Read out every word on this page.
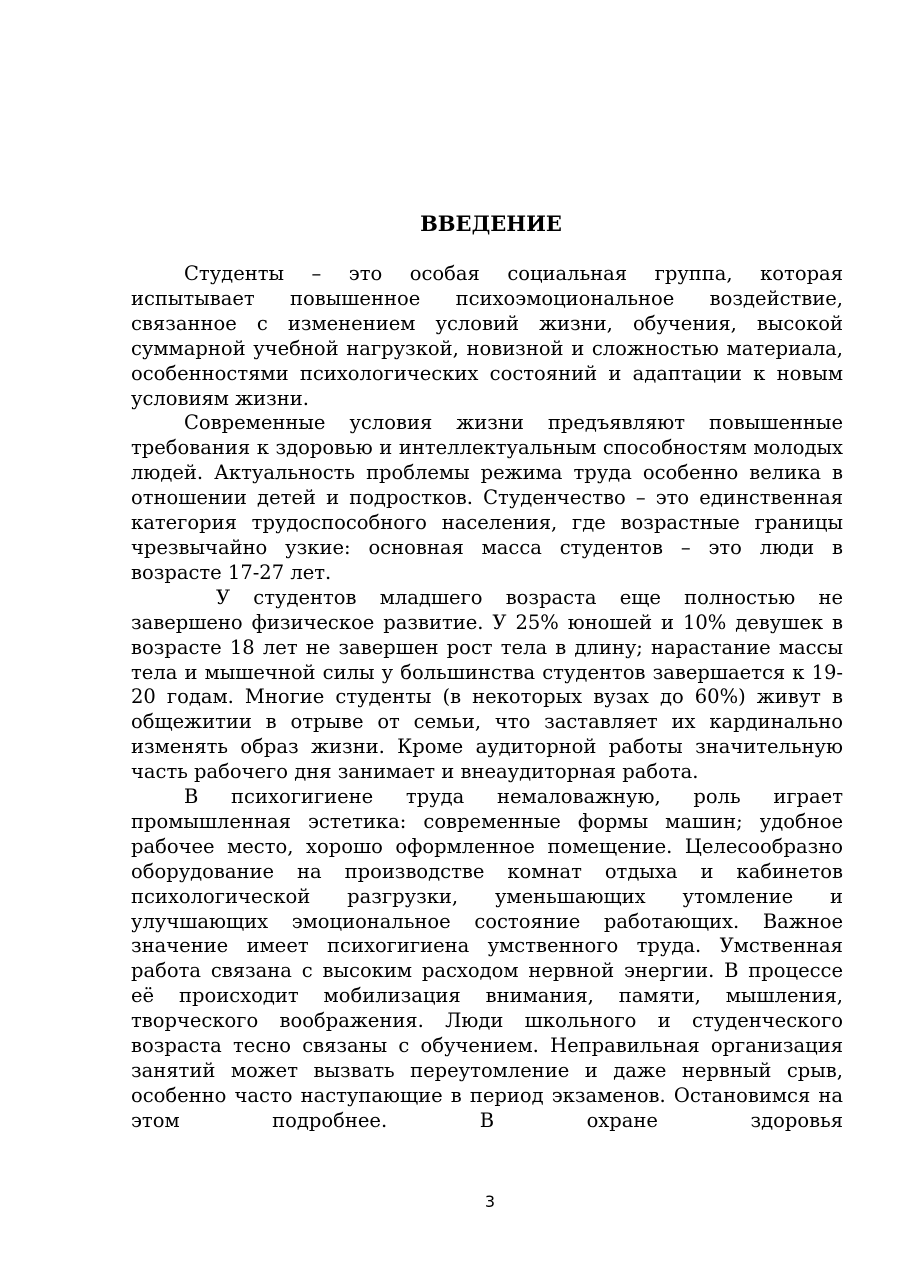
ВВЕДЕНИЕ

Студенты – это особая социальная группа, которая испытывает повышенное психоэмоциональное воздействие, связанное с изменением условий жизни, обучения, высокой суммарной учебной нагрузкой, новизной и сложностью материала, особенностями психологических состояний и адаптации к новым условиям жизни.

Современные условия жизни предъявляют повышенные требования к здоровью и интеллектуальным способностям молодых людей. Актуальность проблемы режима труда особенно велика в отношении детей и подростков. Студенчество – это единственная категория трудоспособного населения, где возрастные границы чрезвычайно узкие: основная масса студентов – это люди в возрасте 17-27 лет.

У студентов младшего возраста еще полностью не завершено физическое развитие. У 25% юношей и 10% девушек в возрасте 18 лет не завершен рост тела в длину; нарастание массы тела и мышечной силы у большинства студентов завершается к 19-20 годам. Многие студенты (в некоторых вузах до 60%) живут в общежитии в отрыве от семьи, что заставляет их кардинально изменять образ жизни. Кроме аудиторной работы значительную часть рабочего дня занимает и внеаудиторная работа.

В психогигиене труда немаловажную, роль играет промышленная эстетика: современные формы машин; удобное рабочее место, хорошо оформленное помещение. Целесообразно оборудование на производстве комнат отдыха и кабинетов психологической разгрузки, уменьшающих утомление и улучшающих эмоциональное состояние работающих. Важное значение имеет психогигиена умственного труда. Умственная работа связана с высоким расходом нервной энергии. В процессе её происходит мобилизация внимания, памяти, мышления, творческого воображения. Люди школьного и студенческого возраста тесно связаны с обучением. Неправильная организация занятий может вызвать переутомление и даже нервный срыв, особенно часто наступающие в период экзаменов. Остановимся на этом подробнее. В охране здоровья

3
